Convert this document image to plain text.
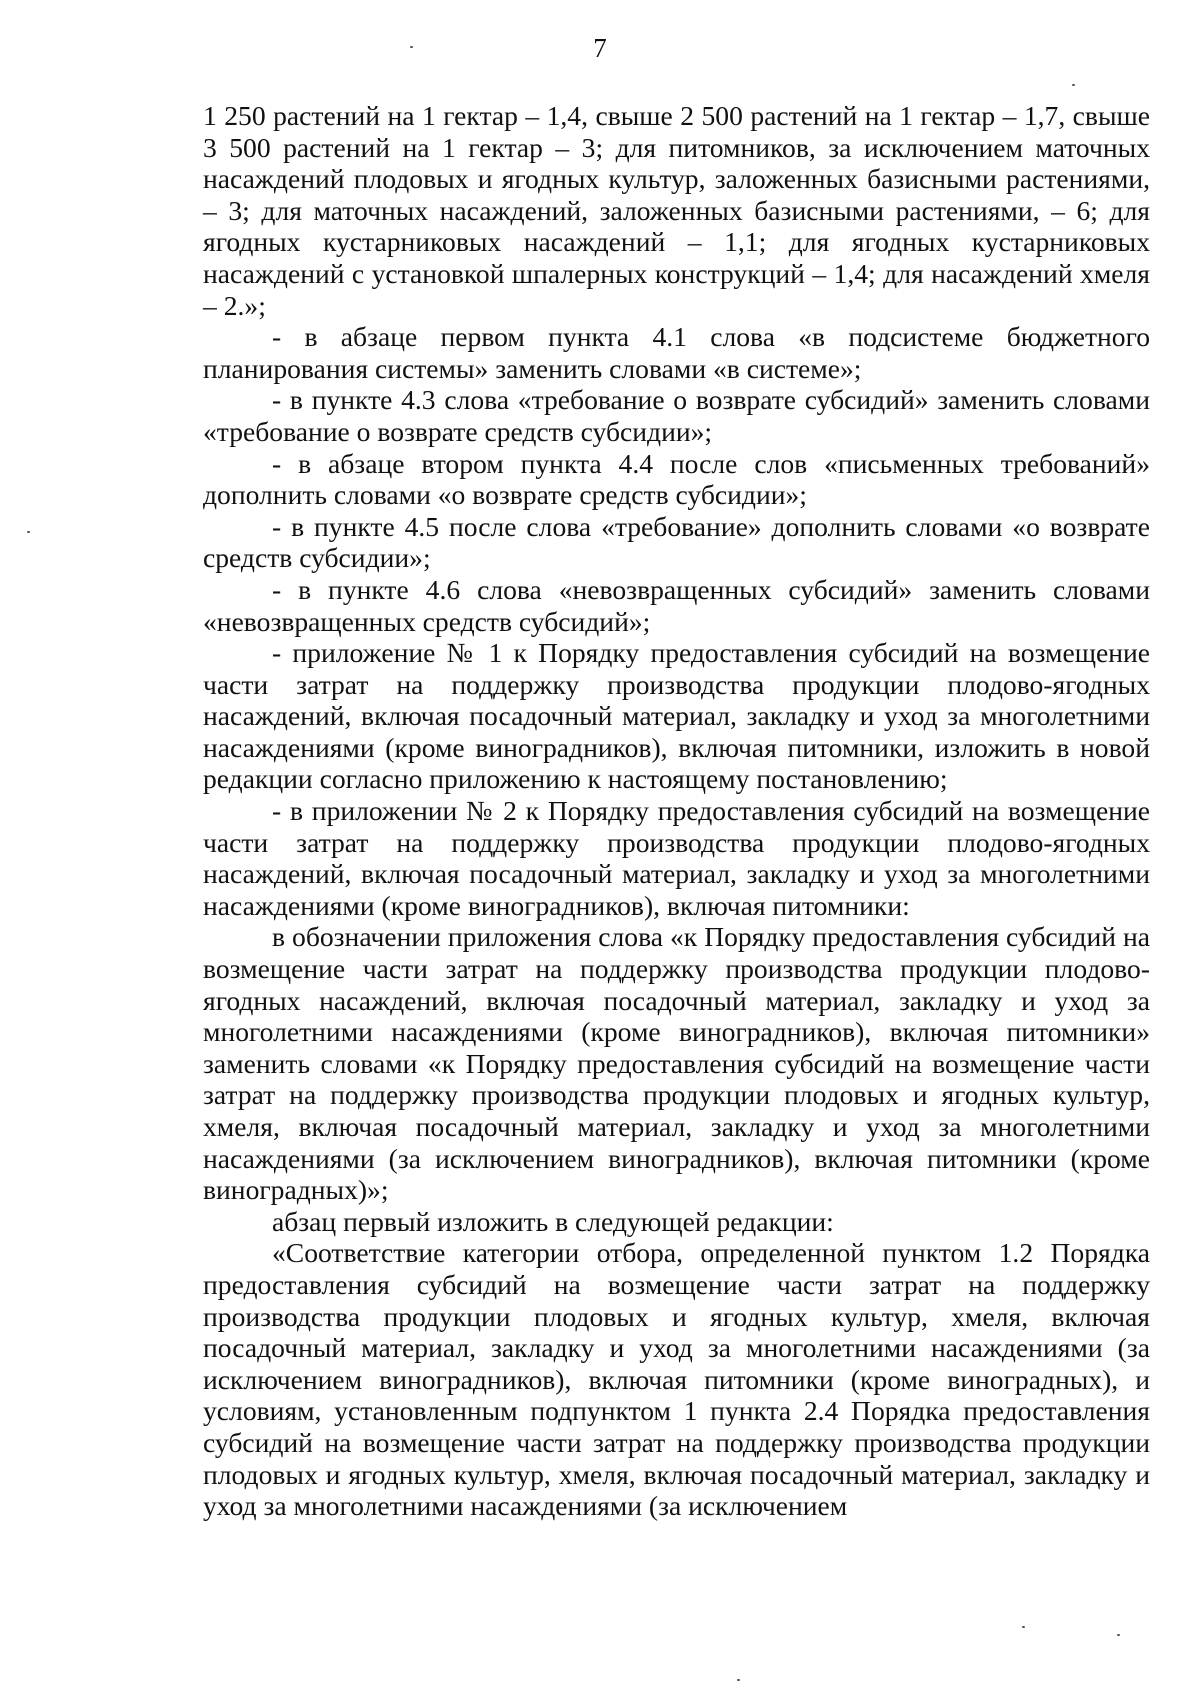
7

1 250 растений на 1 гектар – 1,4, свыше 2 500 растений на 1 гектар – 1,7, свыше 3 500 растений на 1 гектар – 3; для питомников, за исключением маточных насаждений плодовых и ягодных культур, заложенных базисными растениями, – 3; для маточных насаждений, заложенных базисными растениями, – 6; для ягодных кустарниковых насаждений – 1,1; для ягодных кустарниковых насаждений с установкой шпалерных конструкций – 1,4; для насаждений хмеля – 2.»;

- в абзаце первом пункта 4.1 слова «в подсистеме бюджетного планирования системы» заменить словами «в системе»;

- в пункте 4.3 слова «требование о возврате субсидий» заменить словами «требование о возврате средств субсидии»;

- в абзаце втором пункта 4.4 после слов «письменных требований» дополнить словами «о возврате средств субсидии»;

- в пункте 4.5 после слова «требование» дополнить словами «о возврате средств субсидии»;

- в пункте 4.6 слова «невозвращенных субсидий» заменить словами «невозвращенных средств субсидий»;

- приложение № 1 к Порядку предоставления субсидий на возмещение части затрат на поддержку производства продукции плодово-ягодных насаждений, включая посадочный материал, закладку и уход за многолетними насаждениями (кроме виноградников), включая питомники, изложить в новой редакции согласно приложению к настоящему постановлению;

- в приложении № 2 к Порядку предоставления субсидий на возмещение части затрат на поддержку производства продукции плодово-ягодных насаждений, включая посадочный материал, закладку и уход за многолетними насаждениями (кроме виноградников), включая питомники:

в обозначении приложения слова «к Порядку предоставления субсидий на возмещение части затрат на поддержку производства продукции плодово-ягодных насаждений, включая посадочный материал, закладку и уход за многолетними насаждениями (кроме виноградников), включая питомники» заменить словами «к Порядку предоставления субсидий на возмещение части затрат на поддержку производства продукции плодовых и ягодных культур, хмеля, включая посадочный материал, закладку и уход за многолетними насаждениями (за исключением виноградников), включая питомники (кроме виноградных)»;

абзац первый изложить в следующей редакции:

«Соответствие категории отбора, определенной пунктом 1.2 Порядка предоставления субсидий на возмещение части затрат на поддержку производства продукции плодовых и ягодных культур, хмеля, включая посадочный материал, закладку и уход за многолетними насаждениями (за исключением виноградников), включая питомники (кроме виноградных), и условиям, установленным подпунктом 1 пункта 2.4 Порядка предоставления субсидий на возмещение части затрат на поддержку производства продукции плодовых и ягодных культур, хмеля, включая посадочный материал, закладку и уход за многолетними насаждениями (за исключением
